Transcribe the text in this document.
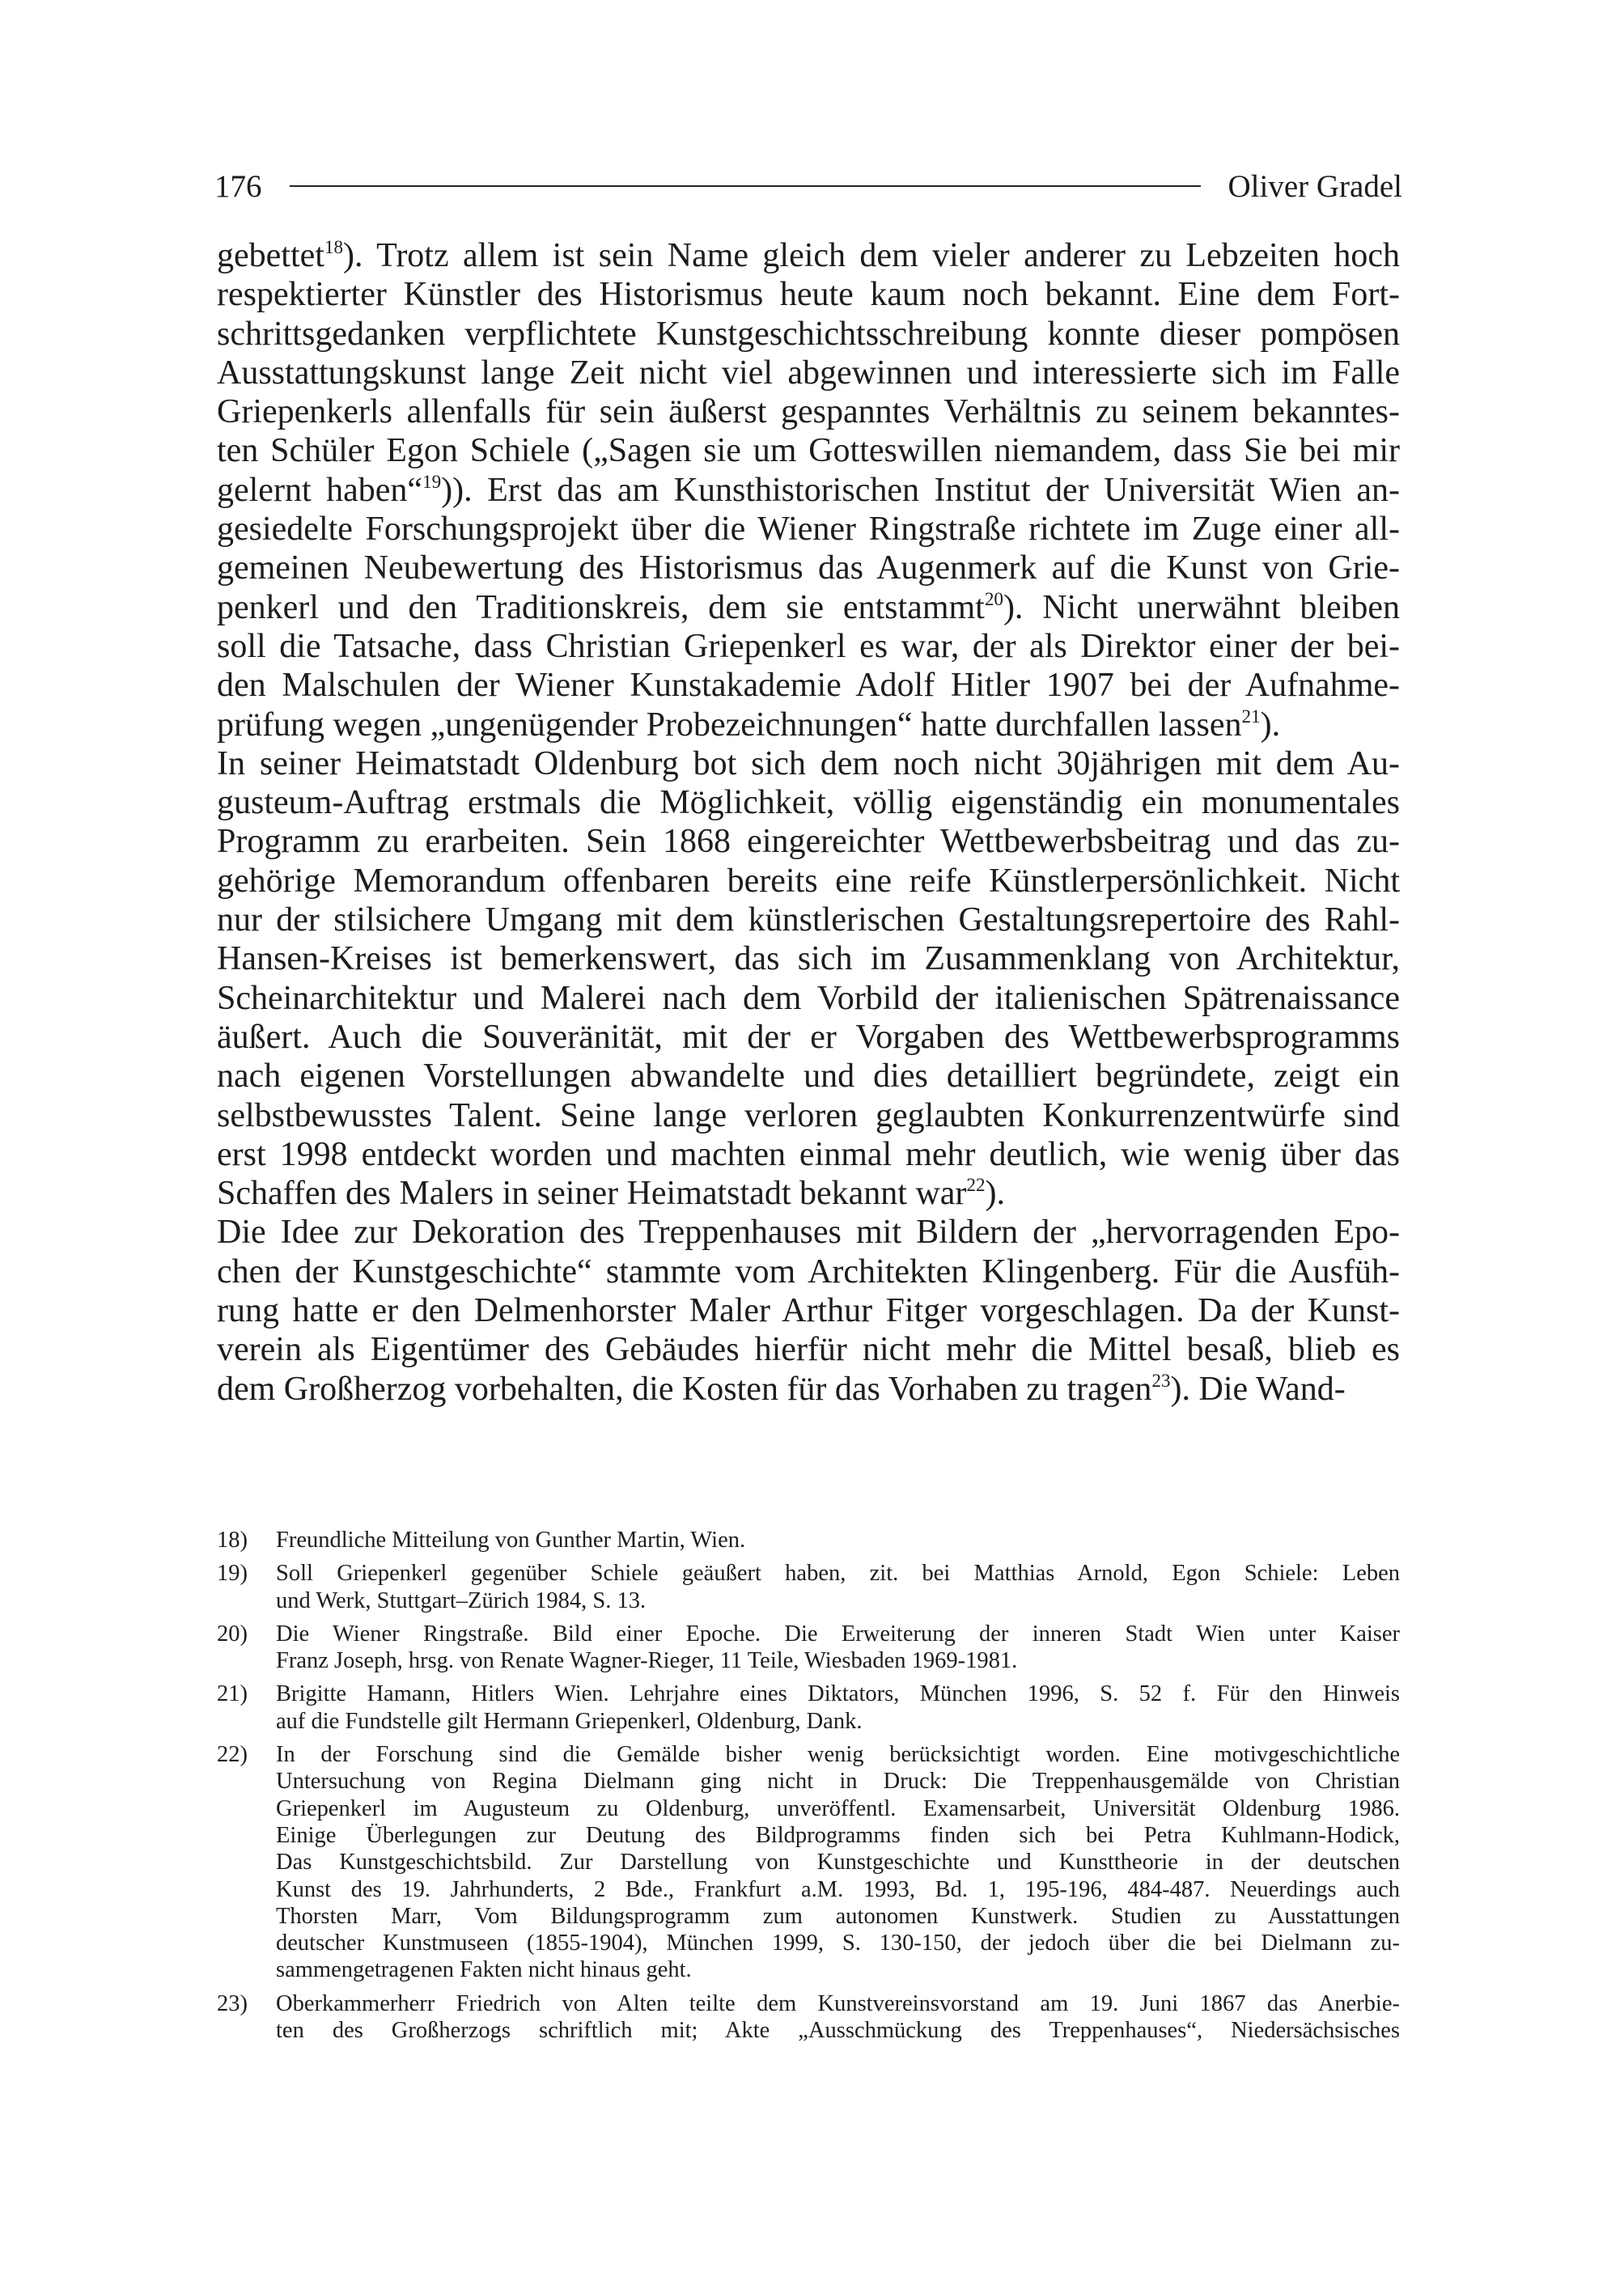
176	Oliver Gradel
gebettet$^{18}$). Trotz allem ist sein Name gleich dem vieler anderer zu Lebzeiten hoch
respektierter Künstler des Historismus heute kaum noch bekannt. Eine dem Fort-
schrittsgedanken verpflichtete Kunstgeschichtsschreibung konnte dieser pompösen
Ausstattungskunst lange Zeit nicht viel abgewinnen und interessierte sich im Falle
Griepenkerls allenfalls für sein äußerst gespanntes Verhältnis zu seinem bekanntes-
ten Schüler Egon Schiele („Sagen sie um Gotteswillen niemandem, dass Sie bei mir
gelernt haben“$^{19}$)). Erst das am Kunsthistorischen Institut der Universität Wien an-
gesiedelte Forschungsprojekt über die Wiener Ringstraße richtete im Zuge einer all-
gemeinen Neubewertung des Historismus das Augenmerk auf die Kunst von Grie-
penkerl und den Traditionskreis, dem sie entstammt$^{20}$). Nicht unerwähnt bleiben
soll die Tatsache, dass Christian Griepenkerl es war, der als Direktor einer der bei-
den Malschulen der Wiener Kunstakademie Adolf Hitler 1907 bei der Aufnahme-
prüfung wegen „ungenügender Probezeichnungen“ hatte durchfallen lassen$^{21}$).
In seiner Heimatstadt Oldenburg bot sich dem noch nicht 30jährigen mit dem Au-
gusteum-Auftrag erstmals die Möglichkeit, völlig eigenständig ein monumentales
Programm zu erarbeiten. Sein 1868 eingereichter Wettbewerbsbeitrag und das zu-
gehörige Memorandum offenbaren bereits eine reife Künstlerpersönlichkeit. Nicht
nur der stilsichere Umgang mit dem künstlerischen Gestaltungsrepertoire des Rahl-
Hansen-Kreises ist bemerkenswert, das sich im Zusammenklang von Architektur,
Scheinarchitektur und Malerei nach dem Vorbild der italienischen Spätrenaissance
äußert. Auch die Souveränität, mit der er Vorgaben des Wettbewerbsprogramms
nach eigenen Vorstellungen abwandelte und dies detailliert begründete, zeigt ein
selbstbewusstes Talent. Seine lange verloren geglaubten Konkurrenzentwürfe sind
erst 1998 entdeckt worden und machten einmal mehr deutlich, wie wenig über das
Schaffen des Malers in seiner Heimatstadt bekannt war$^{22}$).
Die Idee zur Dekoration des Treppenhauses mit Bildern der „hervorragenden Epo-
chen der Kunstgeschichte“ stammte vom Architekten Klingenberg. Für die Ausfüh-
rung hatte er den Delmenhorster Maler Arthur Fitger vorgeschlagen. Da der Kunst-
verein als Eigentümer des Gebäudes hierfür nicht mehr die Mittel besaß, blieb es
dem Großherzog vorbehalten, die Kosten für das Vorhaben zu tragen$^{23}$). Die Wand-
18)	Freundliche Mitteilung von Gunther Martin, Wien.
19)	Soll Griepenkerl gegenüber Schiele geäußert haben, zit. bei Matthias Arnold, Egon Schiele: Leben
und Werk, Stuttgart–Zürich 1984, S. 13.
20)	Die Wiener Ringstraße. Bild einer Epoche. Die Erweiterung der inneren Stadt Wien unter Kaiser
Franz Joseph, hrsg. von Renate Wagner-Rieger, 11 Teile, Wiesbaden 1969-1981.
21)	Brigitte Hamann, Hitlers Wien. Lehrjahre eines Diktators, München 1996, S. 52 f. Für den Hinweis
auf die Fundstelle gilt Hermann Griepenkerl, Oldenburg, Dank.
22)	In der Forschung sind die Gemälde bisher wenig berücksichtigt worden. Eine motivgeschichtliche
Untersuchung von Regina Dielmann ging nicht in Druck: Die Treppenhausgemälde von Christian
Griepenkerl im Augusteum zu Oldenburg, unveröffentl. Examensarbeit, Universität Oldenburg 1986.
Einige Überlegungen zur Deutung des Bildprogramms finden sich bei Petra Kuhlmann-Hodick,
Das Kunstgeschichtsbild. Zur Darstellung von Kunstgeschichte und Kunsttheorie in der deutschen
Kunst des 19. Jahrhunderts, 2 Bde., Frankfurt a.M. 1993, Bd. 1, 195-196, 484-487. Neuerdings auch
Thorsten Marr, Vom Bildungsprogramm zum autonomen Kunstwerk. Studien zu Ausstattungen
deutscher Kunstmuseen (1855-1904), München 1999, S. 130-150, der jedoch über die bei Dielmann zu-
sammengetragenen Fakten nicht hinaus geht.
23)	Oberkammerherr Friedrich von Alten teilte dem Kunstvereinsvorstand am 19. Juni 1867 das Anerbie-
ten des Großherzogs schriftlich mit; Akte „Ausschmückung des Treppenhauses“, Niedersächsisches
